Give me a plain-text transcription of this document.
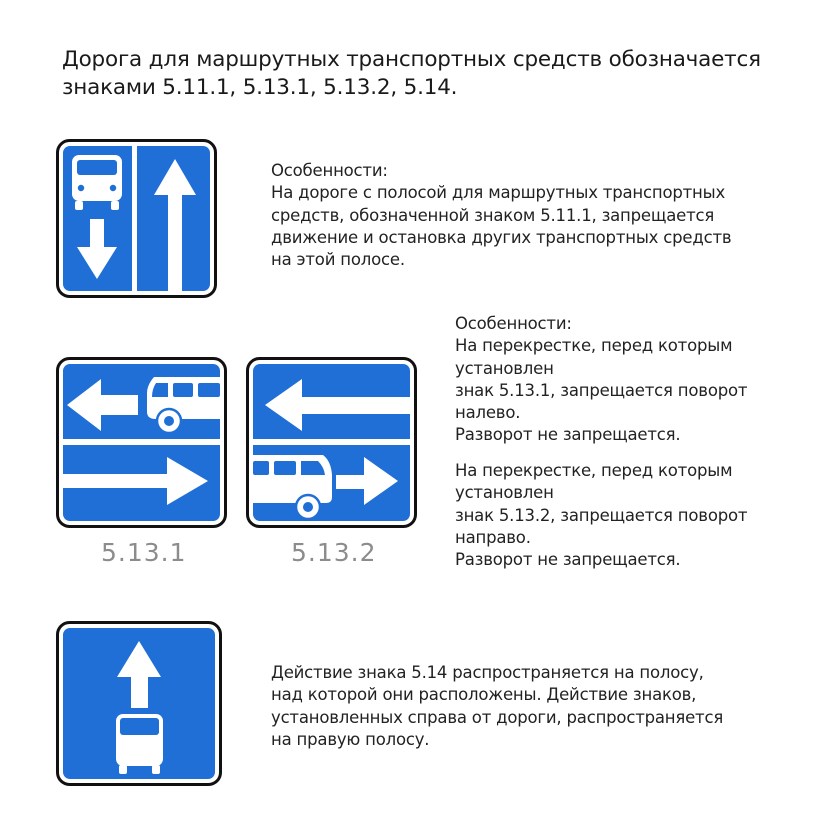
Дорога для маршрутных транспортных средств обозначается
знаками 5.11.1, 5.13.1, 5.13.2, 5.14.
Особенности:
На дороге с полосой для маршрутных транспортных
средств, обозначенной знаком 5.11.1, запрещается
движение и остановка других транспортных средств
на этой полосе.
5.13.1	5.13.2
Особенности:
На перекрестке, перед которым
установлен
знак 5.13.1, запрещается поворот
налево.
Разворот не запрещается.
На перекрестке, перед которым
установлен
знак 5.13.2, запрещается поворот
направо.
Разворот не запрещается.
Действие знака 5.14 распространяется на полосу,
над которой они расположены. Действие знаков,
установленных справа от дороги, распространяется
на правую полосу.
